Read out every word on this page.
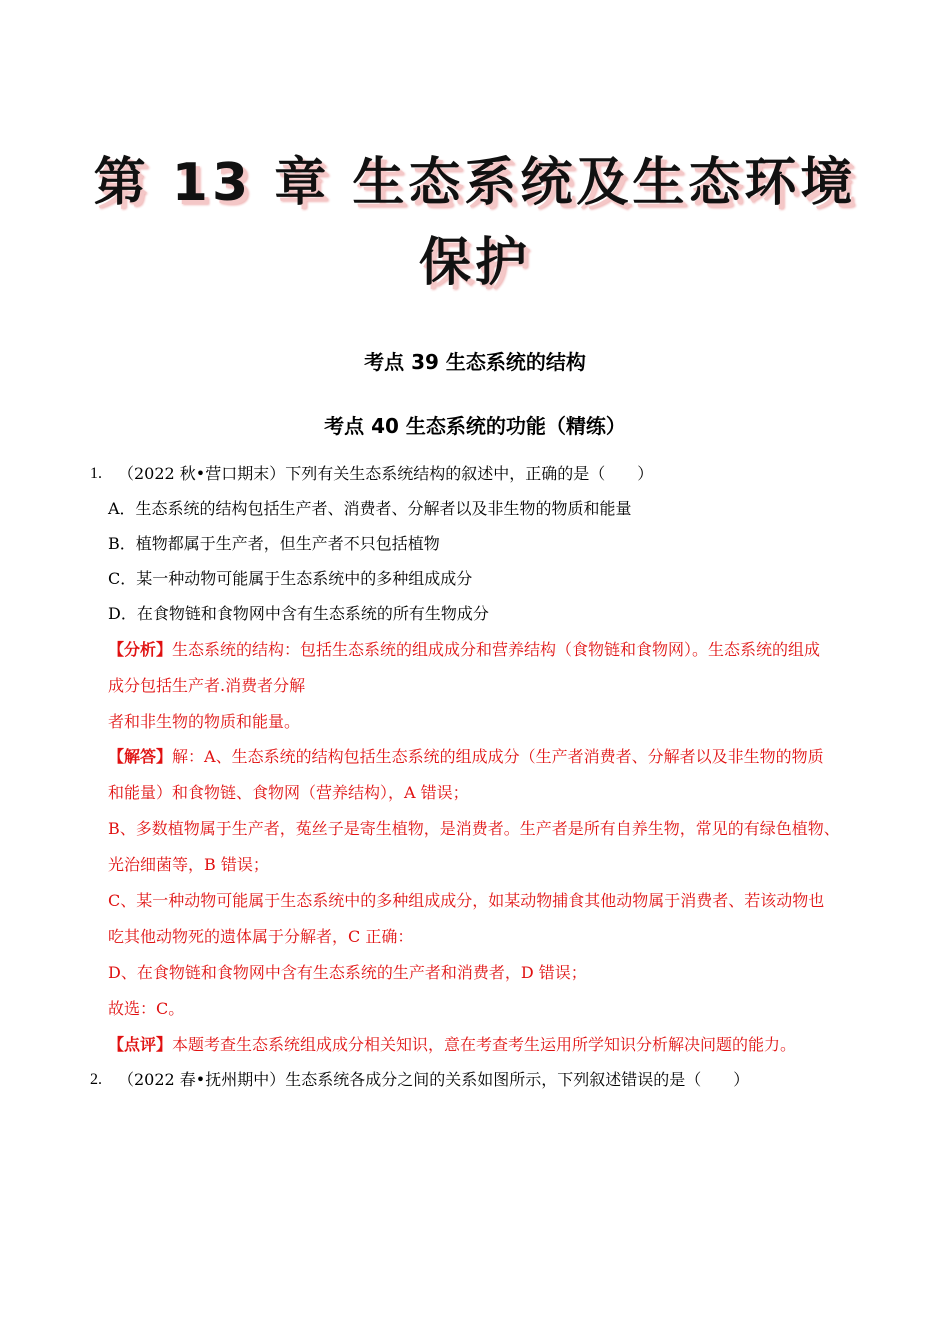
第 13 章 生态系统及生态环境
保护
考点 39 生态系统的结构
考点 40 生态系统的功能（精练）
1. （2022 秋•营口期末）下列有关生态系统结构的叙述中，正确的是（　　）
A．生态系统的结构包括生产者、消费者、分解者以及非生物的物质和能量
B．植物都属于生产者，但生产者不只包括植物
C．某一种动物可能属于生态系统中的多种组成成分
D．在食物链和食物网中含有生态系统的所有生物成分
【分析】生态系统的结构：包括生态系统的组成成分和营养结构（食物链和食物网）。生态系统的组成
成分包括生产者.消费者分解
者和非生物的物质和能量。
【解答】解：A、生态系统的结构包括生态系统的组成成分（生产者消费者、分解者以及非生物的物质
和能量）和食物链、食物网（营养结构），A 错误；
B、多数植物属于生产者，菟丝子是寄生植物，是消费者。生产者是所有自养生物，常见的有绿色植物、
光治细菌等，B 错误；
C、某一种动物可能属于生态系统中的多种组成成分，如某动物捕食其他动物属于消费者、若该动物也
吃其他动物死的遗体属于分解者，C 正确：
D、在食物链和食物网中含有生态系统的生产者和消费者，D 错误；
故选：C。
【点评】本题考查生态系统组成成分相关知识，意在考查考生运用所学知识分析解决问题的能力。
2. （2022 春•抚州期中）生态系统各成分之间的关系如图所示，下列叙述错误的是（　　）
